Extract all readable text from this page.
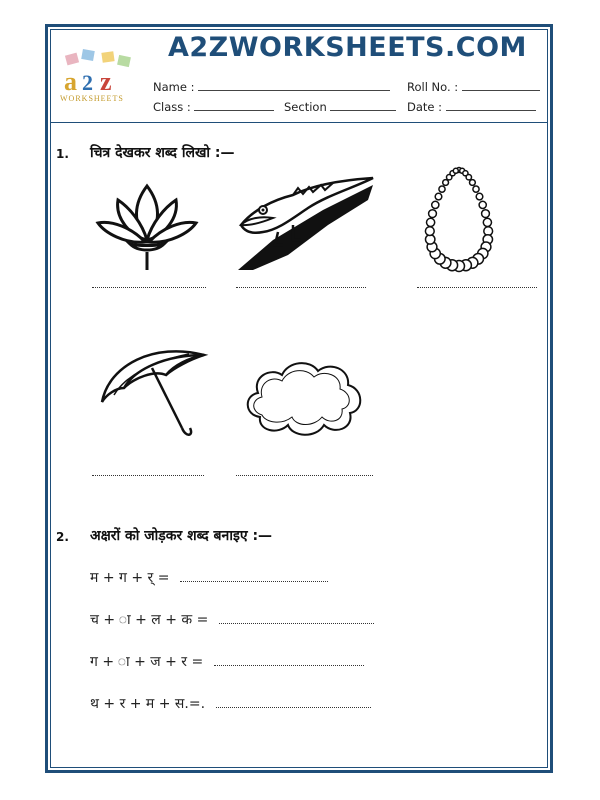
a 2 z
WORKSHEETS
A2ZWORKSHEETS.COM
Name :	Roll No. :
Class :	Section	Date :
1. चित्र देखकर शब्द लिखो :—
2. अक्षरों को जोड़कर शब्द बनाइए :—
म + ग + र् =
च + ा + ल + क =
ग + ा + ज + र =
थ + र + म + स.=.
